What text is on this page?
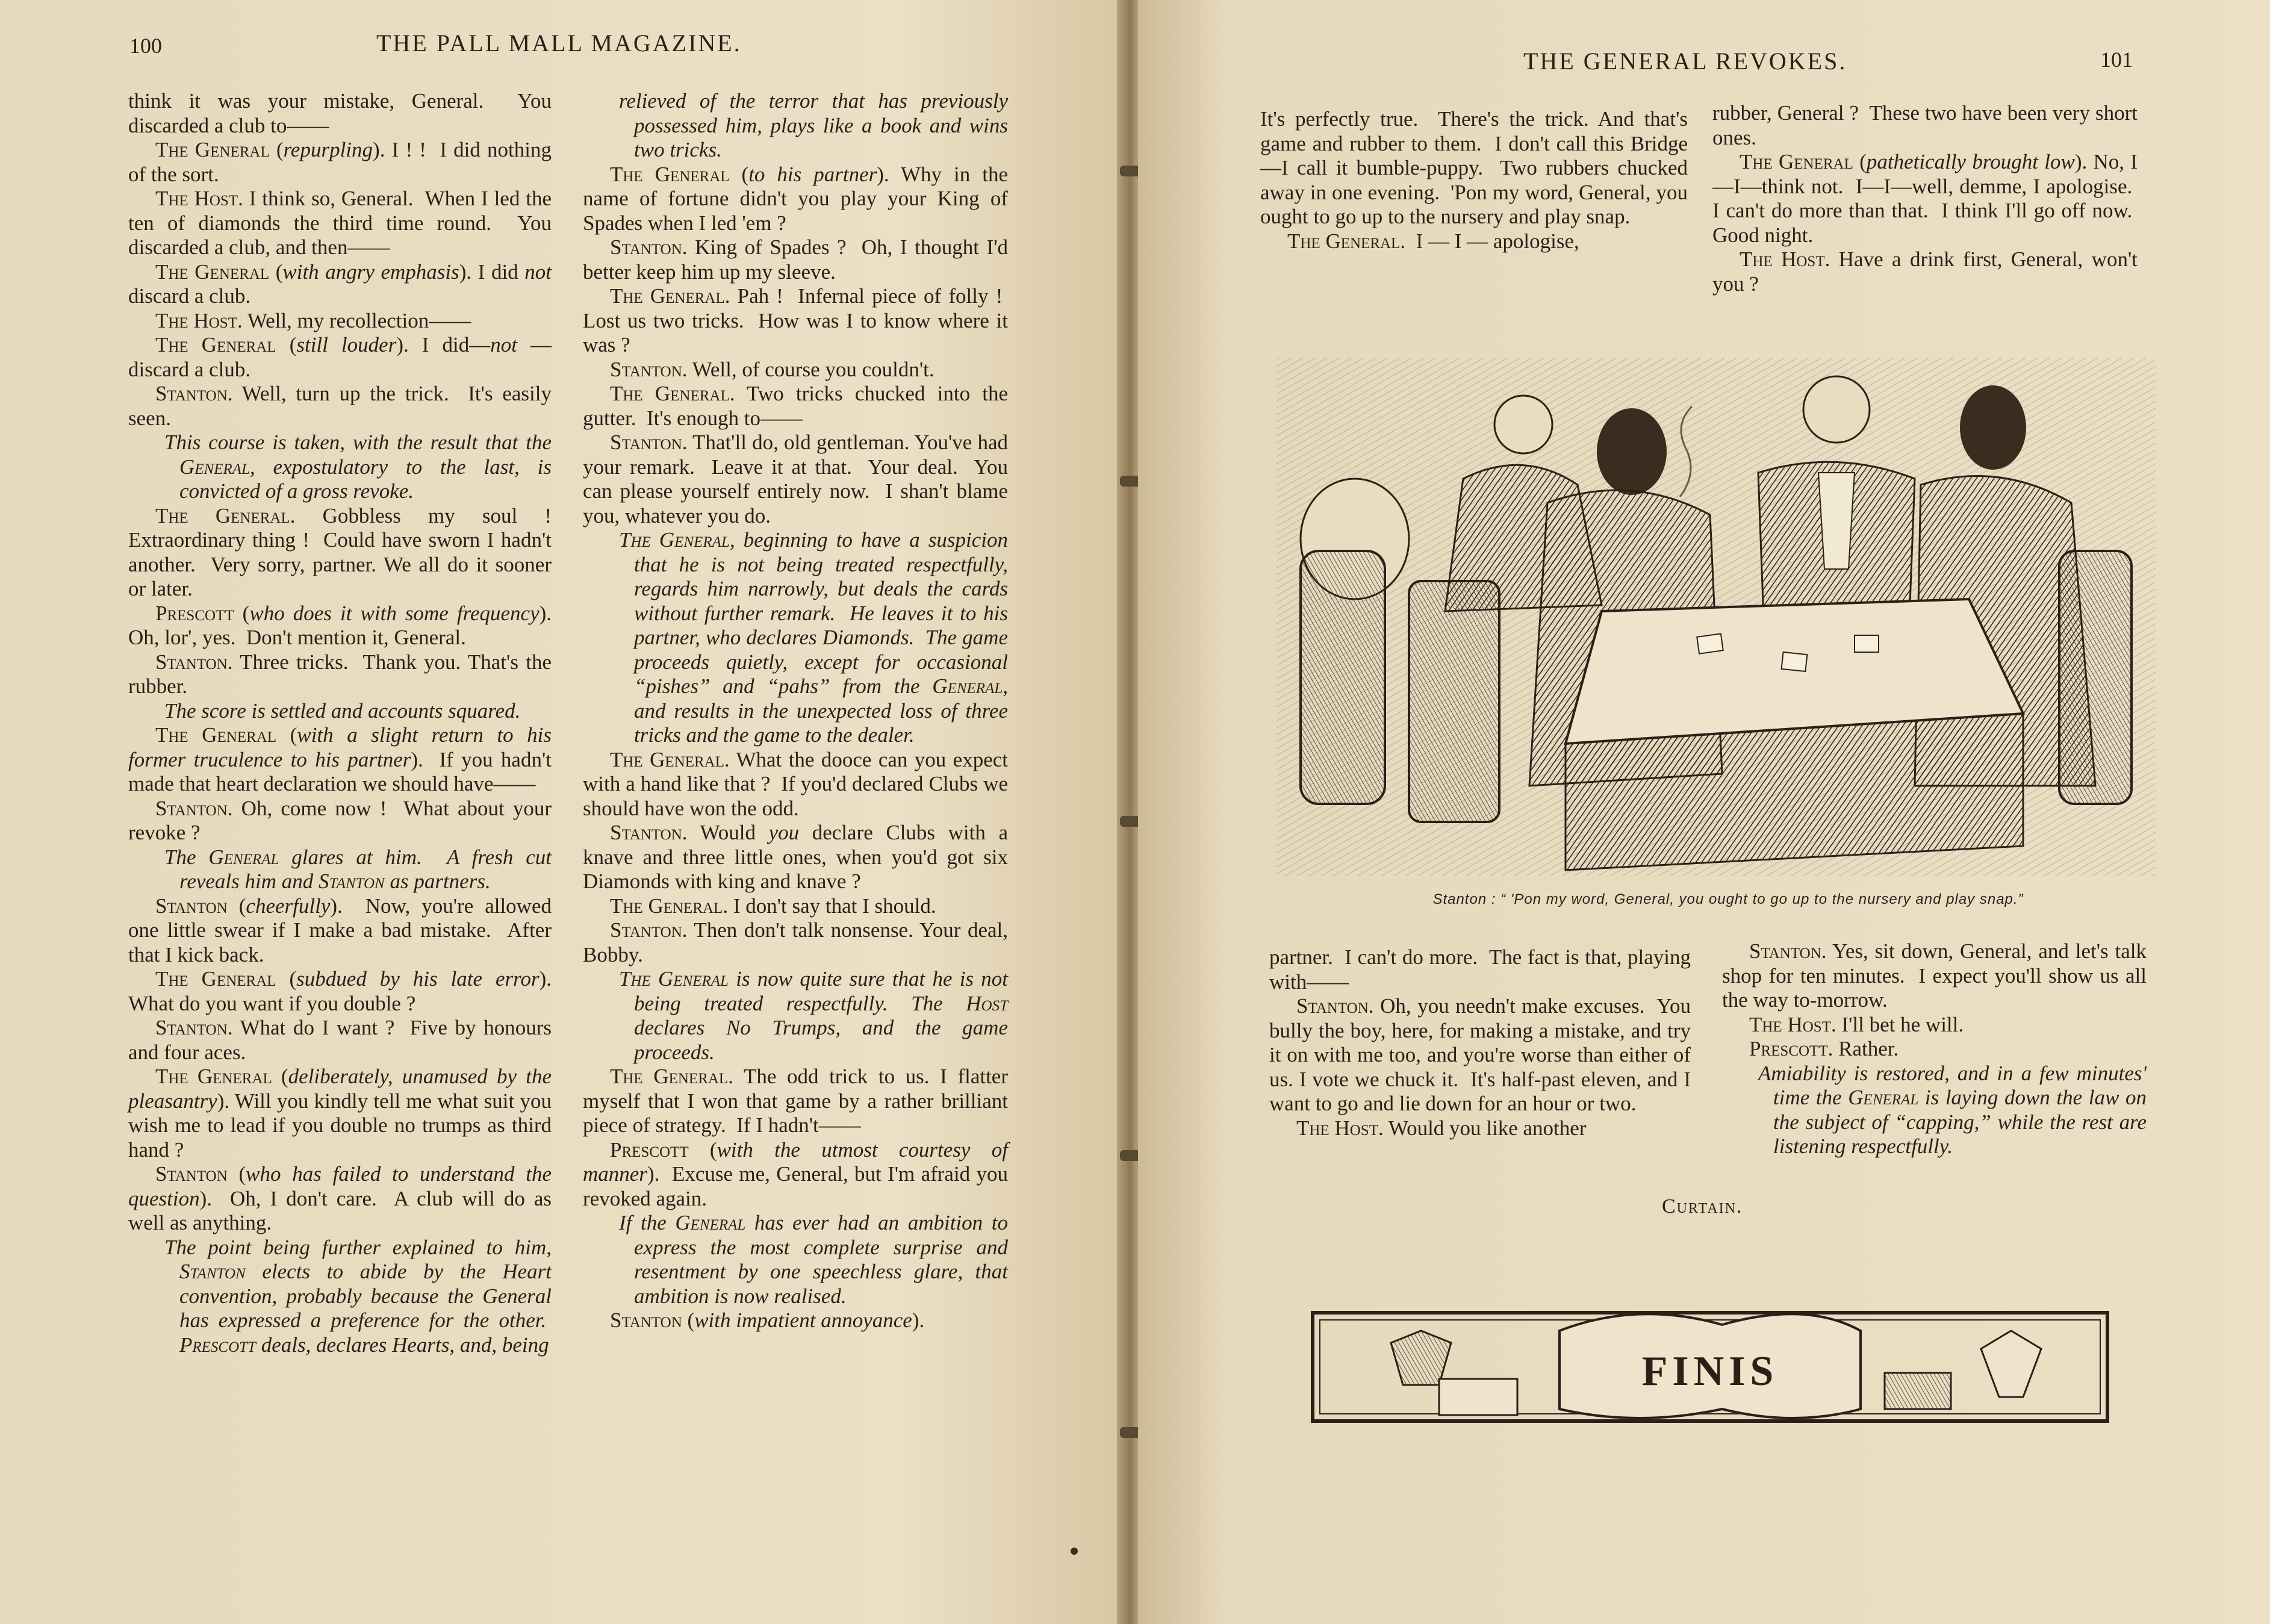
100	THE PALL MALL MAGAZINE.

think it was your mistake, General.  You discarded a club to——

The General (repurpling). I ! !  I did nothing of the sort.

The Host. I think so, General.  When I led the ten of diamonds the third time round.  You discarded a club, and then——

The General (with angry emphasis). I did not discard a club.

The Host. Well, my recollection——

The General (still louder). I did—not —discard a club.

Stanton. Well, turn up the trick.  It's easily seen.

This course is taken, with the result that the General, expostulatory to the last, is convicted of a gross revoke.

The General. Gobbless my soul ! Extraordinary thing !  Could have sworn I hadn't another.  Very sorry, partner. We all do it sooner or later.

Prescott (who does it with some frequency). Oh, lor', yes.  Don't mention it, General.

Stanton. Three tricks.  Thank you. That's the rubber.

The score is settled and accounts squared.

The General (with a slight return to his former truculence to his partner).  If you hadn't made that heart declaration we should have——

Stanton. Oh, come now !  What about your revoke ?

The General glares at him.  A fresh cut reveals him and Stanton as partners.

Stanton (cheerfully).  Now, you're allowed one little swear if I make a bad mistake.  After that I kick back.

The General (subdued by his late error). What do you want if you double ?

Stanton. What do I want ?  Five by honours and four aces.

The General (deliberately, unamused by the pleasantry). Will you kindly tell me what suit you wish me to lead if you double no trumps as third hand ?

Stanton (who has failed to understand the question).  Oh, I don't care.  A club will do as well as anything.

The point being further explained to him, Stanton elects to abide by the Heart convention, probably because the General has expressed a preference for the other.  Prescott deals, declares Hearts, and, being

relieved of the terror that has previously possessed him, plays like a book and wins two tricks.

The General (to his partner). Why in the name of fortune didn't you play your King of Spades when I led 'em ?

Stanton. King of Spades ?  Oh, I thought I'd better keep him up my sleeve.

The General. Pah !  Infernal piece of folly !  Lost us two tricks.  How was I to know where it was ?

Stanton. Well, of course you couldn't.

The General. Two tricks chucked into the gutter.  It's enough to——

Stanton. That'll do, old gentleman. You've had your remark.  Leave it at that.  Your deal.  You can please yourself entirely now.  I shan't blame you, whatever you do.

The General, beginning to have a suspicion that he is not being treated respectfully, regards him narrowly, but deals the cards without further remark.  He leaves it to his partner, who declares Diamonds.  The game proceeds quietly, except for occasional “pishes” and “pahs” from the General, and results in the unexpected loss of three tricks and the game to the dealer.

The General. What the dooce can you expect with a hand like that ?  If you'd declared Clubs we should have won the odd.

Stanton. Would you declare Clubs with a knave and three little ones, when you'd got six Diamonds with king and knave ?

The General. I don't say that I should.

Stanton. Then don't talk nonsense. Your deal, Bobby.

The General is now quite sure that he is not being treated respectfully. The Host declares No Trumps, and the game proceeds.

The General. The odd trick to us. I flatter myself that I won that game by a rather brilliant piece of strategy.  If I hadn't——

Prescott (with the utmost courtesy of manner).  Excuse me, General, but I'm afraid you revoked again.

If the General has ever had an ambition to express the most complete surprise and resentment by one speechless glare, that ambition is now realised.

Stanton (with impatient annoyance).

THE GENERAL REVOKES.	101

It's perfectly true.  There's the trick. And that's game and rubber to them.  I don't call this Bridge—I call it bumble-puppy.  Two rubbers chucked away in one evening.  'Pon my word, General, you ought to go up to the nursery and play snap.

The General.  I — I — apologise,

rubber, General ?  These two have been very short ones.

The General (pathetically brought low). No, I—I—think not.  I—I—well, demme, I apologise.  I can't do more than that.  I think I'll go off now.  Good night.

The Host. Have a drink first, General, won't you ?

partner.  I can't do more.  The fact is that, playing with——

Stanton. Oh, you needn't make excuses.  You bully the boy, here, for making a mistake, and try it on with me too, and you're worse than either of us. I vote we chuck it.  It's half-past eleven, and I want to go and lie down for an hour or two.

The Host. Would you like another

Stanton. Yes, sit down, General, and let's talk shop for ten minutes.  I expect you'll show us all the way to-morrow.

The Host. I'll bet he will.

Prescott. Rather.

Amiability is restored, and in a few minutes' time the General is laying down the law on the subject of “capping,” while the rest are listening respectfully.

Stanton : “ 'Pon my word, General, you ought to go up to the nursery and play snap.”
Curtain.
FINIS
